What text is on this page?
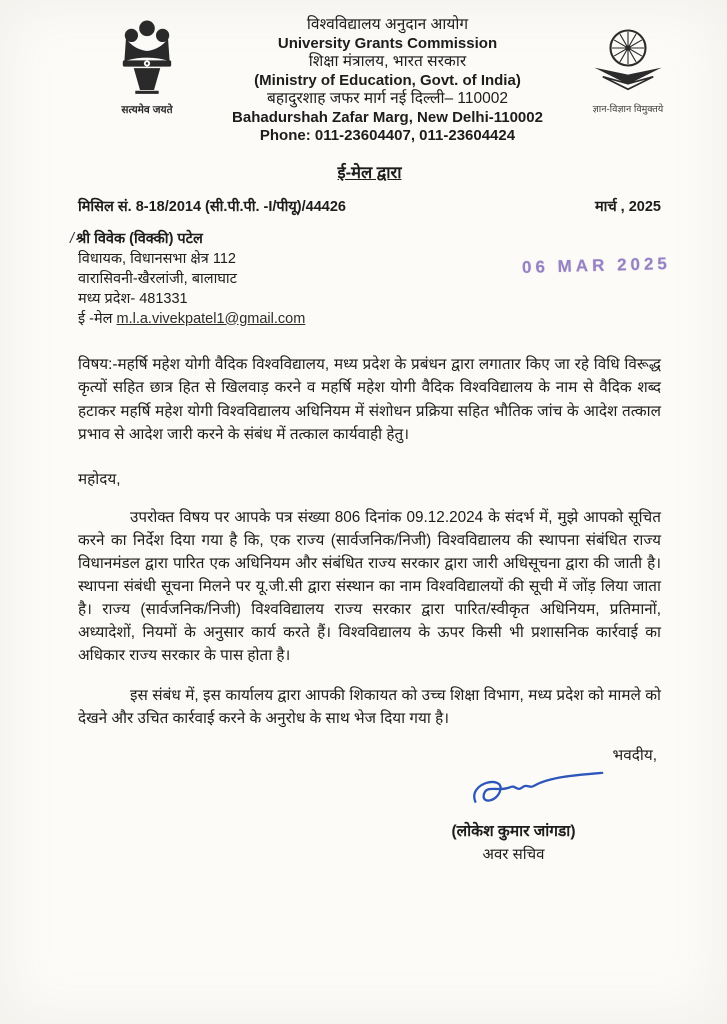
सत्यमेव जयते
विश्वविद्यालय अनुदान आयोग
University Grants Commission
शिक्षा मंत्रालय, भारत सरकार
(Ministry of Education, Govt. of India)
बहादुरशाह जफर मार्ग नई दिल्ली– 110002
Bahadurshah Zafar Marg, New Delhi-110002
Phone: 011-23604407, 011-23604424
ज्ञान-विज्ञान विमुक्तये
06 MAR 2025
ई-मेल द्वारा
मिसिल सं. 8-18/2014 (सी.पी.पी. -I/पीयू)/44426	मार्च , 2025
/ श्री विवेक (विक्की) पटेल
विधायक, विधानसभा क्षेत्र 112
वारासिवनी-खैरलांजी, बालाघाट
मध्य प्रदेश- 481331
ई -मेल m.l.a.vivekpatel1@gmail.com

विषय:-महर्षि महेश योगी वैदिक विश्वविद्यालय, मध्य प्रदेश के प्रबंधन द्वारा लगातार किए जा रहे विधि विरूद्ध कृत्यों सहित छात्र हित से खिलवाड़ करने व महर्षि महेश योगी वैदिक विश्वविद्यालय के नाम से वैदिक शब्द हटाकर महर्षि महेश योगी विश्वविद्यालय अधिनियम में संशोधन प्रक्रिया सहित भौतिक जांच के आदेश तत्काल प्रभाव से आदेश जारी करने के संबंध में तत्काल कार्यवाही हेतु।

महोदय,

उपरोक्त विषय पर आपके पत्र संख्या 806 दिनांक 09.12.2024 के संदर्भ में, मुझे आपको सूचित करने का निर्देश दिया गया है कि, एक राज्य (सार्वजनिक/निजी) विश्वविद्यालय की स्थापना संबंधित राज्य विधानमंडल द्वारा पारित एक अधिनियम और संबंधित राज्य सरकार द्वारा जारी अधिसूचना द्वारा की जाती है। स्थापना संबंधी सूचना मिलने पर यू.जी.सी द्वारा संस्थान का नाम विश्वविद्यालयों की सूची में जोंड़ लिया जाता है। राज्य (सार्वजनिक/निजी) विश्वविद्यालय राज्य सरकार द्वारा पारित/स्वीकृत अधिनियम, प्रतिमानों, अध्यादेशों, नियमों के अनुसार कार्य करते हैं। विश्वविद्यालय के ऊपर किसी भी प्रशासनिक कार्रवाई का अधिकार राज्य सरकार के पास होता है।

इस संबंध में, इस कार्यालय द्वारा आपकी शिकायत को उच्च शिक्षा विभाग, मध्य प्रदेश को मामले को देखने और उचित कार्रवाई करने के अनुरोध के साथ भेज दिया गया है।

भवदीय,
(लोकेश कुमार जांगडा)
अवर सचिव
